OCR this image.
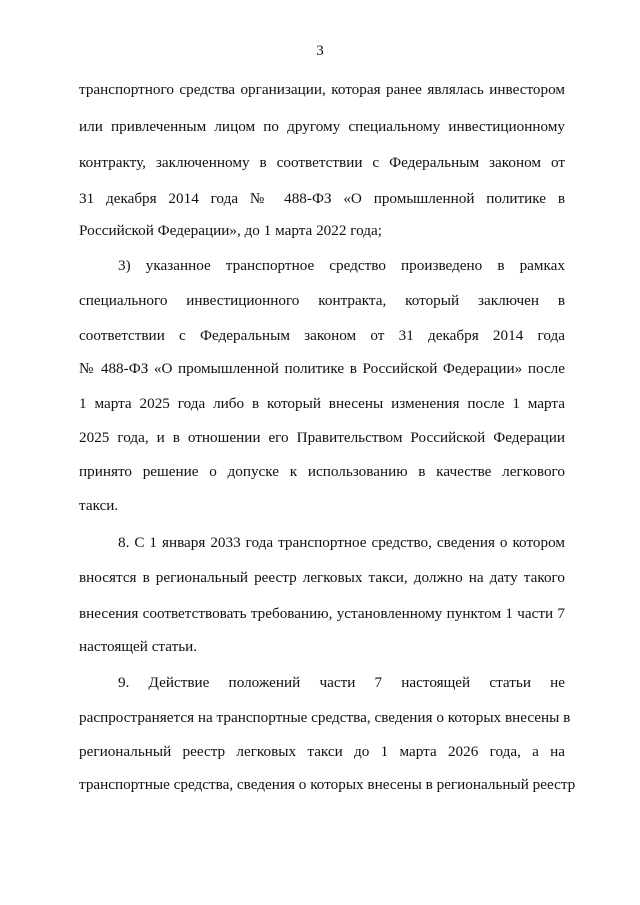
3
транспортного средства организации, которая ранее являлась инвестором
или привлеченным лицом по другому специальному инвестиционному
контракту, заключенному в соответствии с Федеральным законом от
31 декабря 2014 года № 488-ФЗ «О промышленной политике в
Российской Федерации», до 1 марта 2022 года;
3) указанное транспортное средство произведено в рамках
специального инвестиционного контракта, который заключен в
соответствии с Федеральным законом от 31 декабря 2014 года
№ 488-ФЗ «О промышленной политике в Российской Федерации» после
1 марта 2025 года либо в который внесены изменения после 1 марта
2025 года, и в отношении его Правительством Российской Федерации
принято решение о допуске к использованию в качестве легкового
такси.
8. С 1 января 2033 года транспортное средство, сведения о котором
вносятся в региональный реестр легковых такси, должно на дату такого
внесения соответствовать требованию, установленному пунктом 1 части 7
настоящей статьи.
9. Действие положений части 7 настоящей статьи не
распространяется на транспортные средства, сведения о которых внесены в
региональный реестр легковых такси до 1 марта 2026 года, а на
транспортные средства, сведения о которых внесены в региональный реестр
